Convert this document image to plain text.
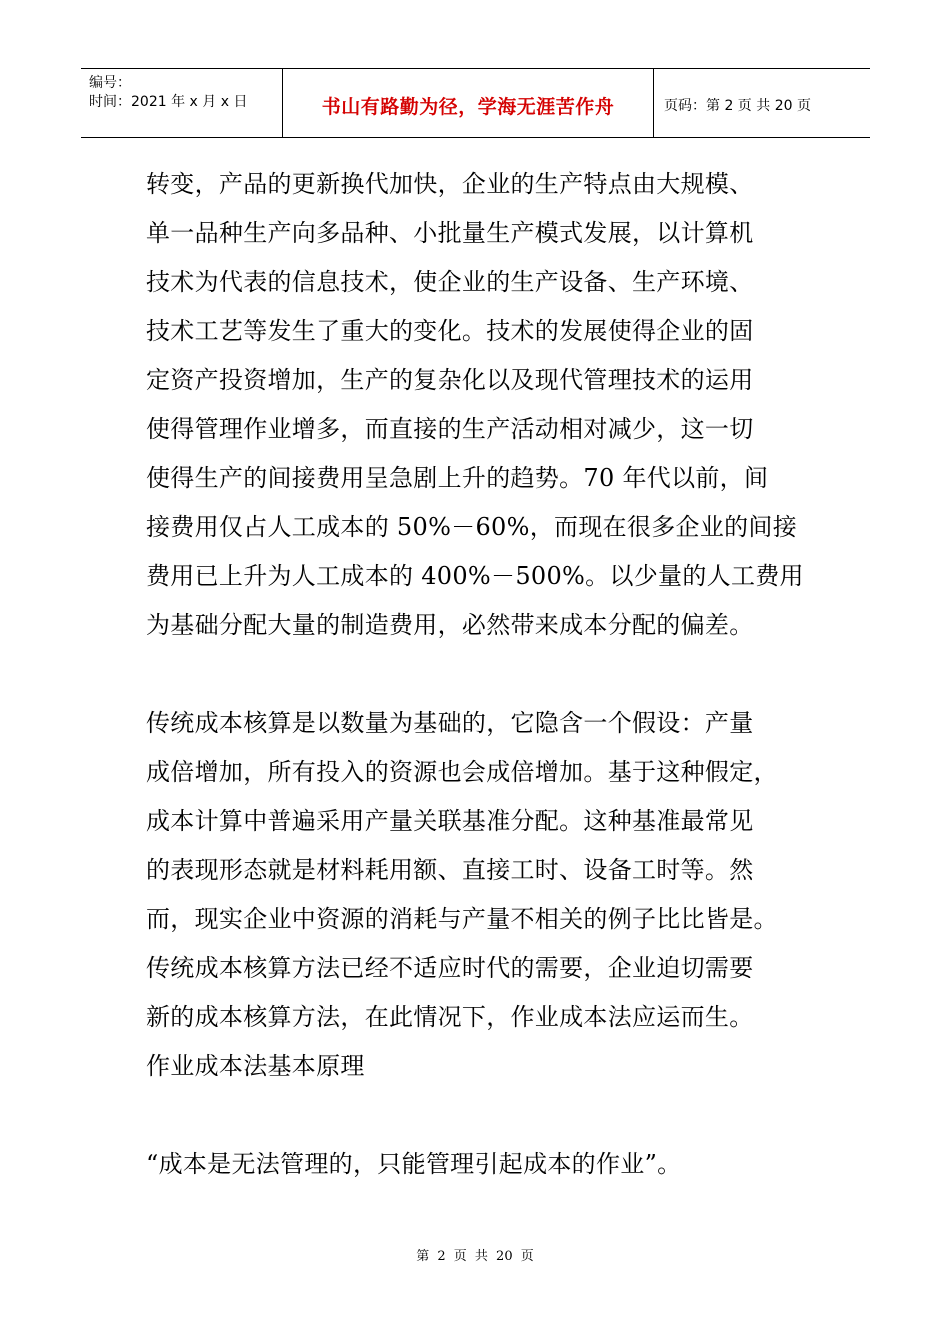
编号：
时间：2021 年 x 月 x 日	书山有路勤为径，学海无涯苦作舟	页码：第 2 页 共 20 页
转变，产品的更新换代加快，企业的生产特点由大规模、
单一品种生产向多品种、小批量生产模式发展，以计算机
技术为代表的信息技术，使企业的生产设备、生产环境、
技术工艺等发生了重大的变化。技术的发展使得企业的固
定资产投资增加，生产的复杂化以及现代管理技术的运用
使得管理作业增多，而直接的生产活动相对减少，这一切
使得生产的间接费用呈急剧上升的趋势。70 年代以前，间
接费用仅占人工成本的 50%－60%，而现在很多企业的间接
费用已上升为人工成本的 400%－500%。以少量的人工费用
为基础分配大量的制造费用，必然带来成本分配的偏差。
传统成本核算是以数量为基础的，它隐含一个假设：产量
成倍增加，所有投入的资源也会成倍增加。基于这种假定，
成本计算中普遍采用产量关联基准分配。这种基准最常见
的表现形态就是材料耗用额、直接工时、设备工时等。然
而，现实企业中资源的消耗与产量不相关的例子比比皆是。
传统成本核算方法已经不适应时代的需要，企业迫切需要
新的成本核算方法，在此情况下，作业成本法应运而生。
作业成本法基本原理
“成本是无法管理的，只能管理引起成本的作业”。
第 2 页 共 20 页
